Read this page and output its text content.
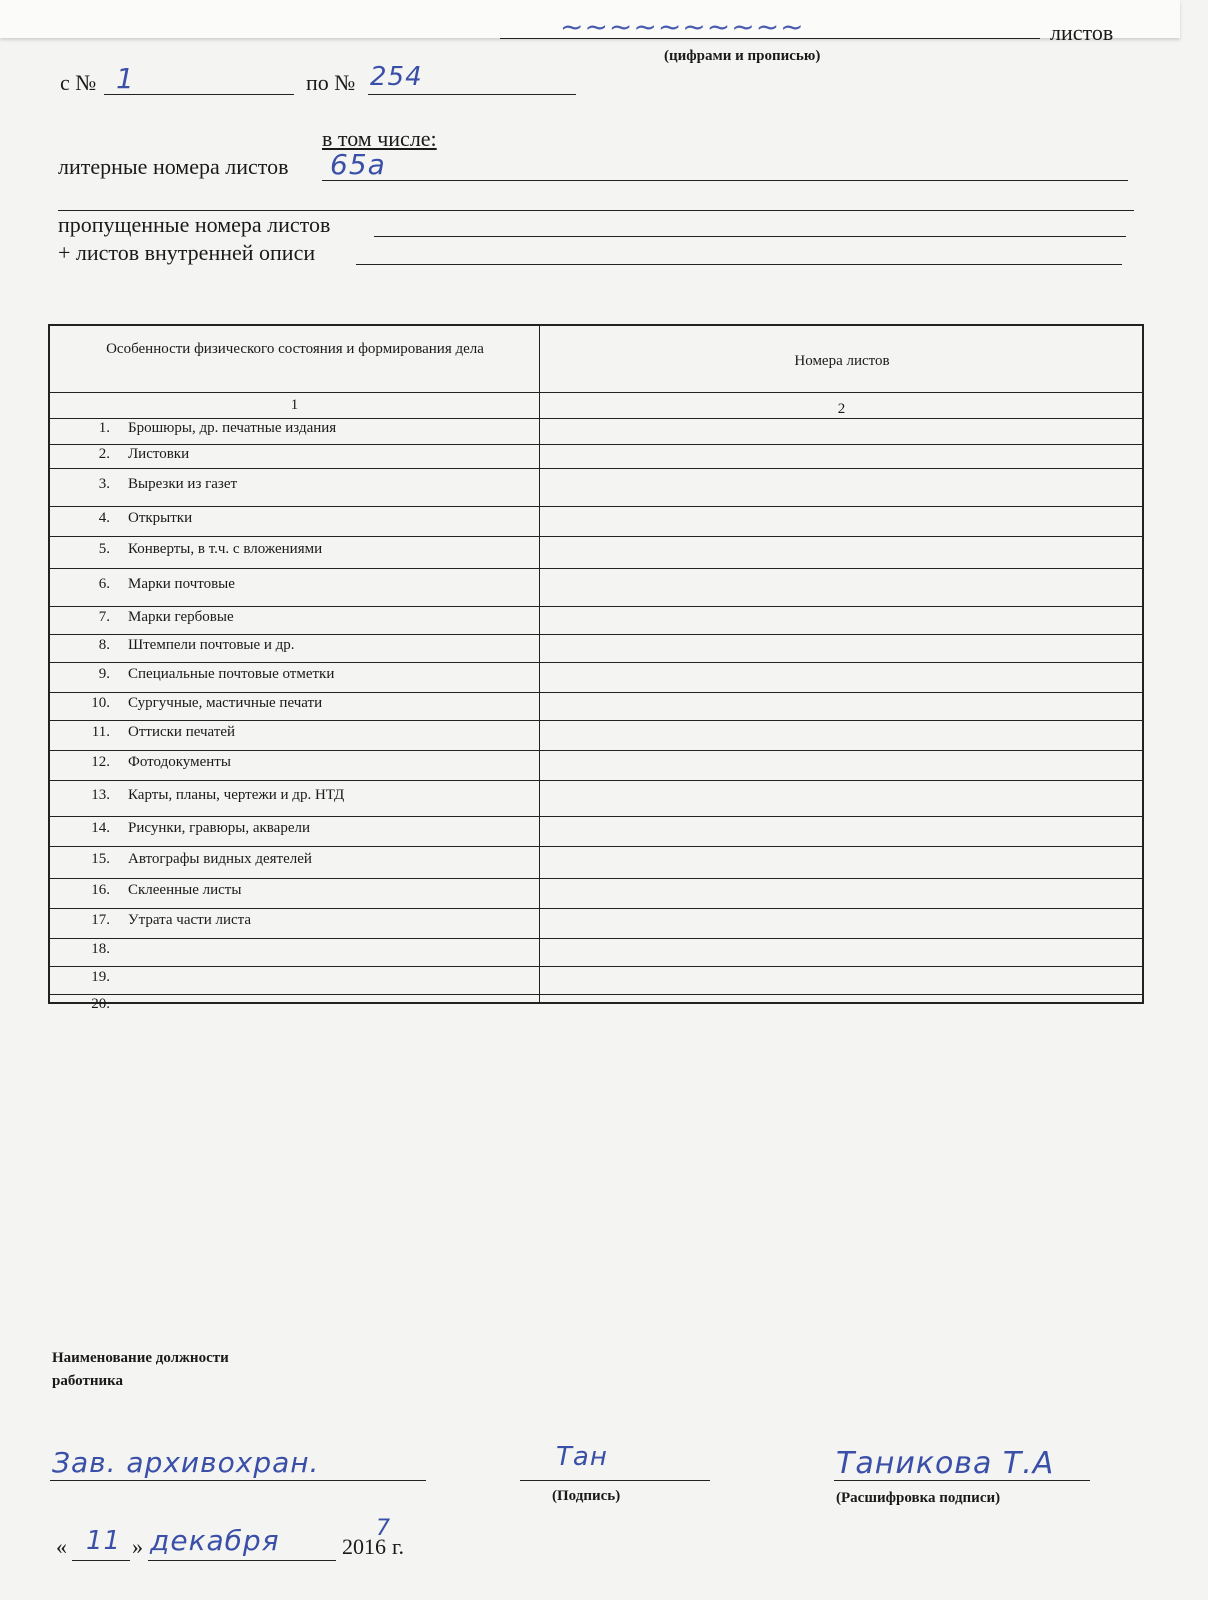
~~~~~~~~~~	листов
(цифрами и прописью)
с № 1	по № 254
в том числе:
литерные номера листов 65а
пропущенные номера листов
+ листов внутренней описи
Особенности физического состояния и формирования дела
Номера листов
1	2
1. Брошюры, др. печатные издания
2. Листовки
3. Вырезки из газет
4. Открытки
5. Конверты, в т.ч. с вложениями
6. Марки почтовые
7. Марки гербовые
8. Штемпели почтовые и др.
9. Специальные почтовые отметки
10. Сургучные, мастичные печати
11. Оттиски печатей
12. Фотодокументы
13. Карты, планы, чертежи и др. НТД
14. Рисунки, гравюры, акварели
15. Автографы видных деятелей
16. Склеенные листы
17. Утрата части листа
18.
19.
20.
Наименование должности
работника
Зав. архивохран.	Тан
(Подпись)
Таникова Т.А
(Расшифровка подписи)
« 11 » декабря	2016
7
г.
